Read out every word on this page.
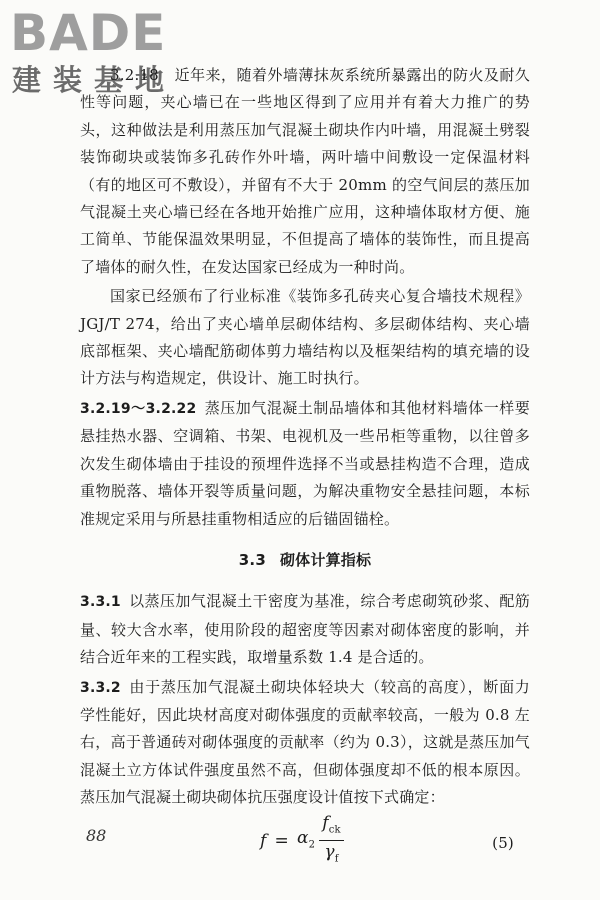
BADE
建装基地

3.2.18　近年来，随着外墙薄抹灰系统所暴露出的防火及耐久性等问题，夹心墙已在一些地区得到了应用并有着大力推广的势头，这种做法是利用蒸压加气混凝土砌块作内叶墙，用混凝土劈裂装饰砌块或装饰多孔砖作外叶墙，两叶墙中间敷设一定保温材料（有的地区可不敷设），并留有不大于 20mm 的空气间层的蒸压加气混凝土夹心墙已经在各地开始推广应用，这种墙体取材方便、施工简单、节能保温效果明显，不但提高了墙体的装饰性，而且提高了墙体的耐久性，在发达国家已经成为一种时尚。

国家已经颁布了行业标准《装饰多孔砖夹心复合墙技术规程》JGJ/T 274，给出了夹心墙单层砌体结构、多层砌体结构、夹心墙底部框架、夹心墙配筋砌体剪力墙结构以及框架结构的填充墙的设计方法与构造规定，供设计、施工时执行。

3.2.19～3.2.22 蒸压加气混凝土制品墙体和其他材料墙体一样要悬挂热水器、空调箱、书架、电视机及一些吊柜等重物，以往曾多次发生砌体墙由于挂设的预埋件选择不当或悬挂构造不合理，造成重物脱落、墙体开裂等质量问题，为解决重物安全悬挂问题，本标准规定采用与所悬挂重物相适应的后锚固锚栓。

3.3 砌体计算指标

3.3.1 以蒸压加气混凝土干密度为基准，综合考虑砌筑砂浆、配筋量、较大含水率，使用阶段的超密度等因素对砌体密度的影响，并结合近年来的工程实践，取增量系数 1.4 是合适的。

3.3.2 由于蒸压加气混凝土砌块体轻块大（较高的高度），断面力学性能好，因此块材高度对砌体强度的贡献率较高，一般为 0.8 左右，高于普通砖对砌体强度的贡献率（约为 0.3），这就是蒸压加气混凝土立方体试件强度虽然不高，但砌体强度却不低的根本原因。蒸压加气混凝土砌块砌体抗压强度设计值按下式确定：

$f = \alpha_2 \frac{f_{ck}}{\gamma_f}$	(5)
88
